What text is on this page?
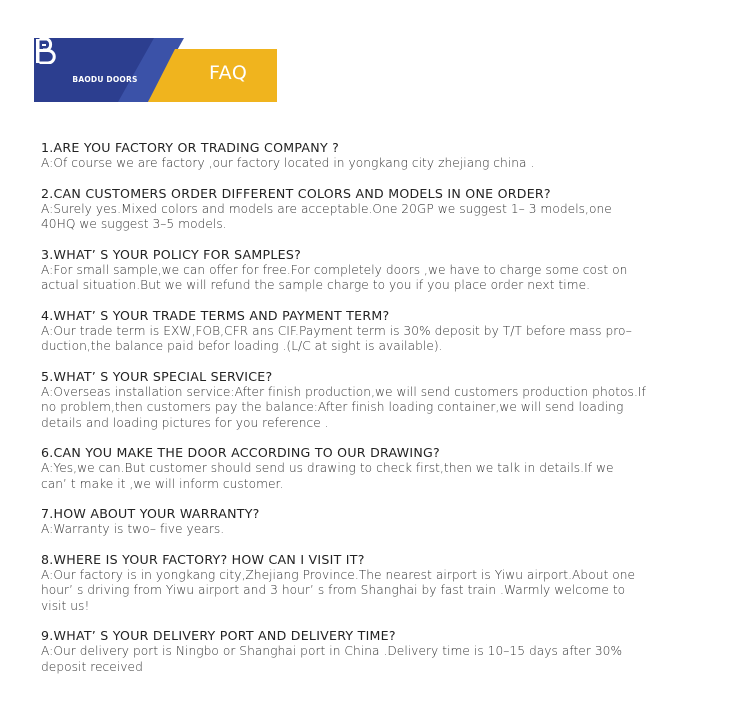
BAODU DOORS	FAQ
1.ARE YOU FACTORY OR TRADING COMPANY ?
A:Of course we are factory ,our factory located in yongkang city zhejiang china .
2.CAN CUSTOMERS ORDER DIFFERENT COLORS AND MODELS IN ONE ORDER?
A:Surely yes.Mixed colors and models are acceptable.One 20GP we suggest 1– 3 models,one
40HQ we suggest 3–5 models.
3.WHAT’ S YOUR POLICY FOR SAMPLES?
A:For small sample,we can offer for free.For completely doors ,we have to charge some cost on
actual situation.But we will refund the sample charge to you if you place order next time.
4.WHAT’ S YOUR TRADE TERMS AND PAYMENT TERM?
A:Our trade term is EXW,FOB,CFR ans CIF.Payment term is 30% deposit by T/T before mass pro–
duction,the balance paid befor loading .(L/C at sight is available).
5.WHAT’ S YOUR SPECIAL SERVICE?
A:Overseas installation service:After finish production,we will send customers production photos.If
no problem,then customers pay the balance:After finish loading container,we will send loading
details and loading pictures for you reference .
6.CAN YOU MAKE THE DOOR ACCORDING TO OUR DRAWING?
A:Yes,we can.But customer should send us drawing to check first,then we talk in details.If we
can’ t make it ,we will inform customer.
7.HOW ABOUT YOUR WARRANTY?
A:Warranty is two– five years.
8.WHERE IS YOUR FACTORY? HOW CAN I VISIT IT?
A:Our factory is in yongkang city,Zhejiang Province.The nearest airport is Yiwu airport.About one
hour’ s driving from Yiwu airport and 3 hour’ s from Shanghai by fast train .Warmly welcome to
visit us!
9.WHAT’ S YOUR DELIVERY PORT AND DELIVERY TIME?
A:Our delivery port is Ningbo or Shanghai port in China .Delivery time is 10–15 days after 30%
deposit received
